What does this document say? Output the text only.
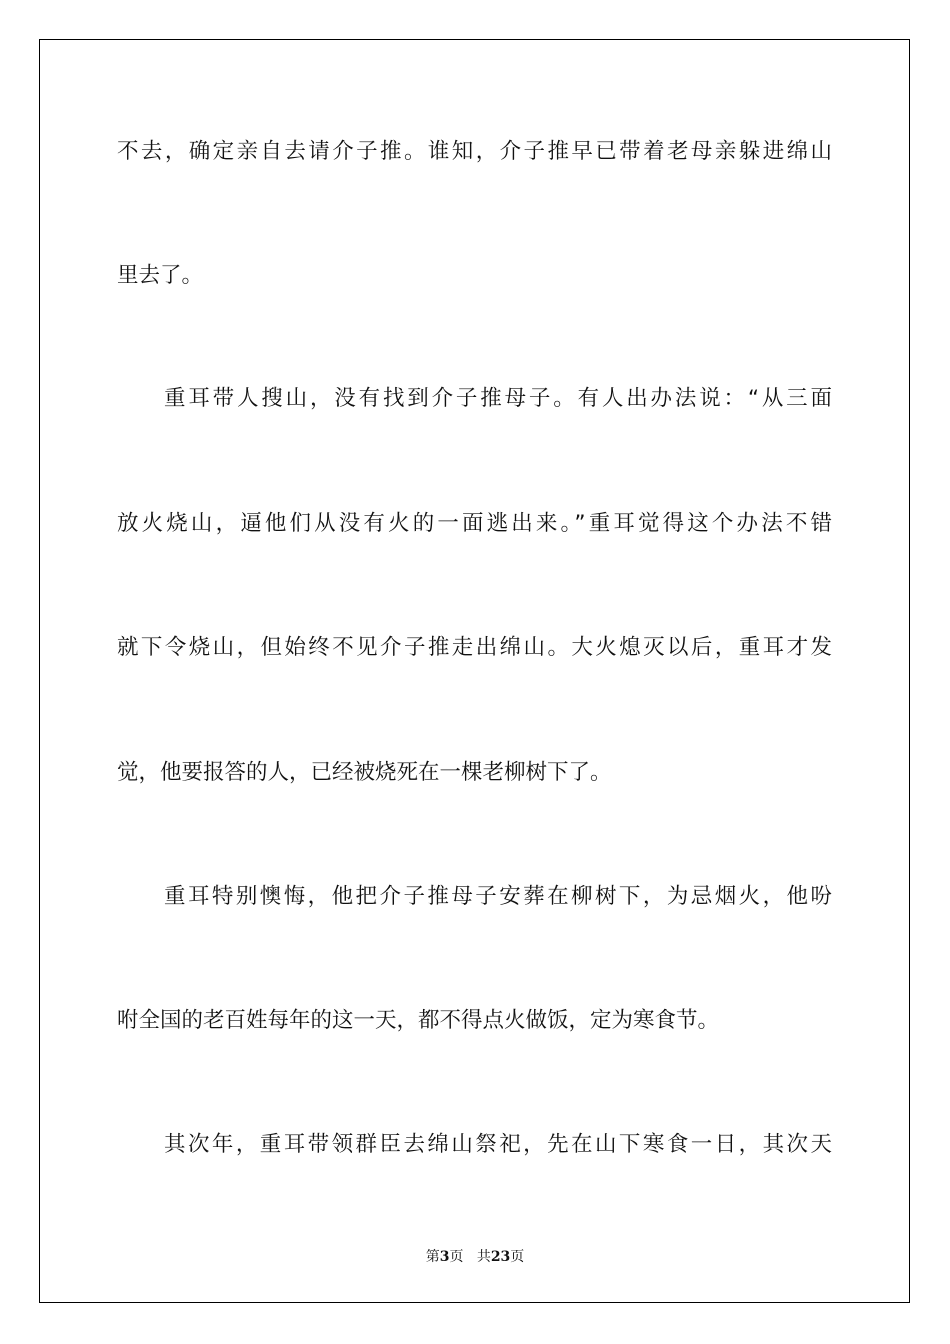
不去，确定亲自去请介子推。谁知，介子推早已带着老母亲躲进绵山
里去了。
重耳带人搜山，没有找到介子推母子。有人出办法说：“从三面
放火烧山，逼他们从没有火的一面逃出来。”重耳觉得这个办法不错
就下令烧山，但始终不见介子推走出绵山。大火熄灭以后，重耳才发
觉，他要报答的人，已经被烧死在一棵老柳树下了。
重耳特别懊悔，他把介子推母子安葬在柳树下，为忌烟火，他吩
咐全国的老百姓每年的这一天，都不得点火做饭，定为寒食节。
其次年，重耳带领群臣去绵山祭祀，先在山下寒食一日，其次天
第3页 共23页
